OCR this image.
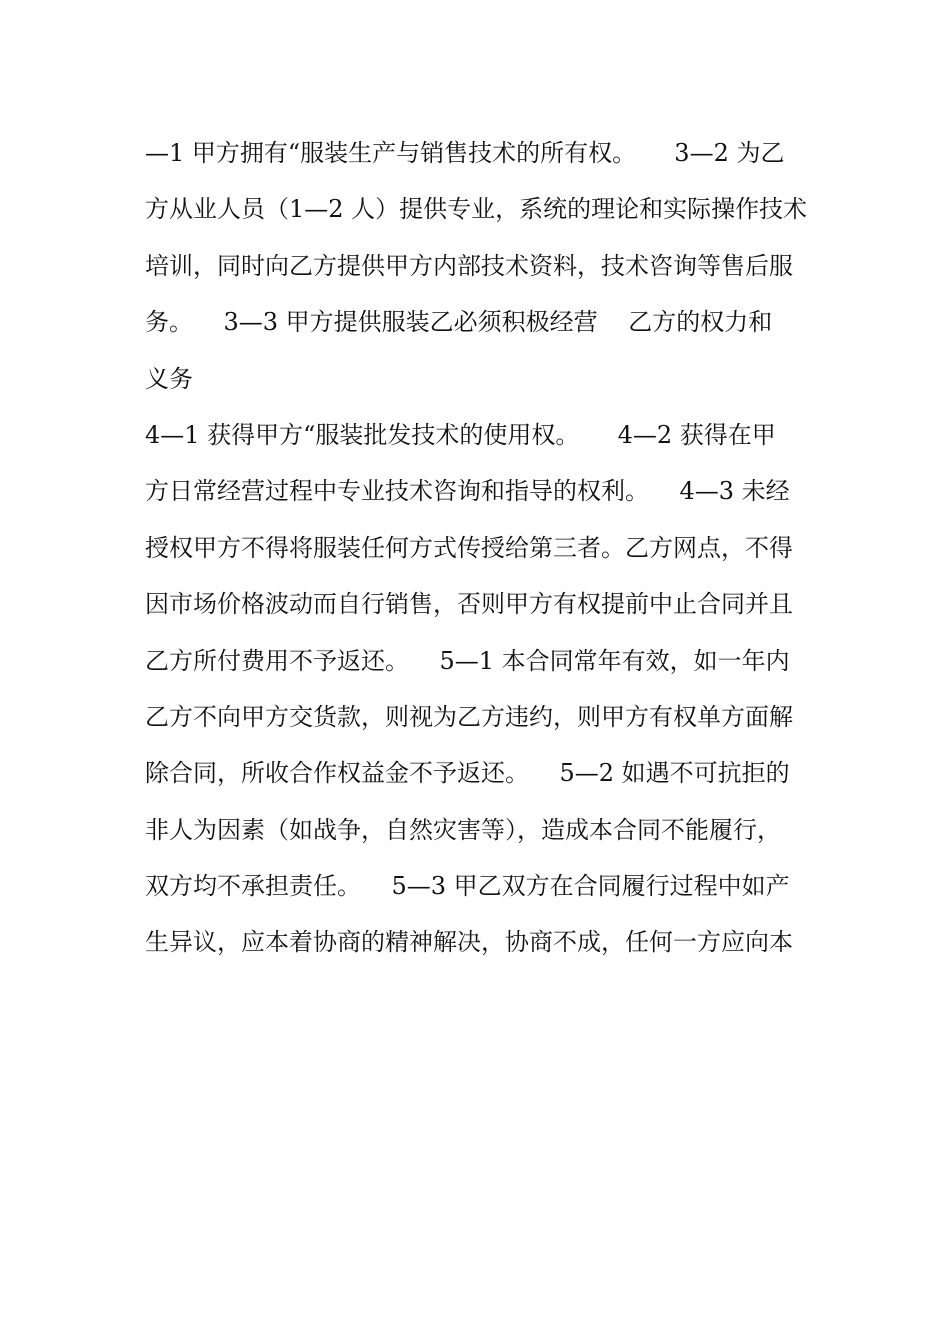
—1 甲方拥有“服装生产与销售技术的所有权。     3—2 为乙
方从业人员（1—2 人）提供专业，系统的理论和实际操作技术
培训，同时向乙方提供甲方内部技术资料，技术咨询等售后服
务。    3—3 甲方提供服装乙必须积极经营    乙方的权力和
义务
4—1 获得甲方“服装批发技术的使用权。     4—2 获得在甲
方日常经营过程中专业技术咨询和指导的权利。    4—3 未经
授权甲方不得将服装任何方式传授给第三者。乙方网点，不得
因市场价格波动而自行销售，否则甲方有权提前中止合同并且
乙方所付费用不予返还。    5—1 本合同常年有效，如一年内
乙方不向甲方交货款，则视为乙方违约，则甲方有权单方面解
除合同，所收合作权益金不予返还。    5—2 如遇不可抗拒的
非人为因素（如战争，自然灾害等），造成本合同不能履行，
双方均不承担责任。    5—3 甲乙双方在合同履行过程中如产
生异议，应本着协商的精神解决，协商不成，任何一方应向本
